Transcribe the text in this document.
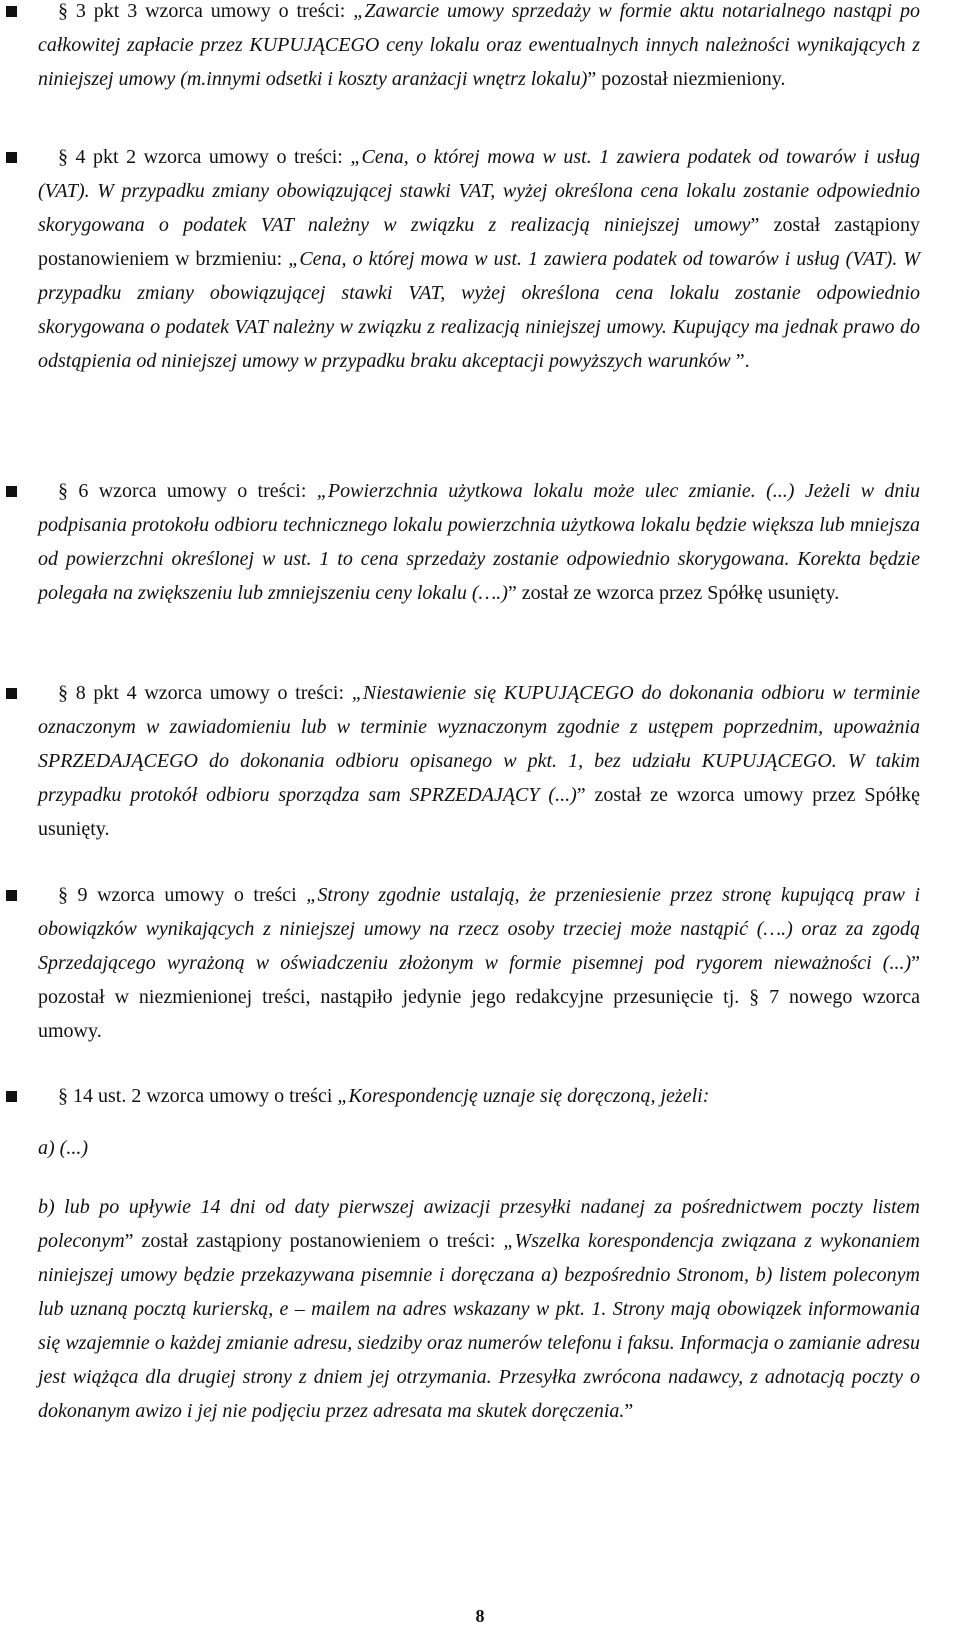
§ 3 pkt 3 wzorca umowy o treści: „Zawarcie umowy sprzedaży w formie aktu notarialnego nastąpi po całkowitej zapłacie przez KUPUJĄCEGO ceny lokalu oraz ewentualnych innych należności wynikających z niniejszej umowy (m.innymi odsetki i koszty aranżacji wnętrz lokalu)” pozostał niezmieniony.
§ 4 pkt 2 wzorca umowy o treści: „Cena, o której mowa w ust. 1 zawiera podatek od towarów i usług (VAT). W przypadku zmiany obowiązującej stawki VAT, wyżej określona cena lokalu zostanie odpowiednio skorygowana o podatek VAT należny w związku z realizacją niniejszej umowy” został zastąpiony postanowieniem w brzmieniu: „Cena, o której mowa w ust. 1 zawiera podatek od towarów i usług (VAT). W przypadku zmiany obowiązującej stawki VAT, wyżej określona cena lokalu zostanie odpowiednio skorygowana o podatek VAT należny w związku z realizacją niniejszej umowy. Kupujący ma jednak prawo do odstąpienia od niniejszej umowy w przypadku braku akceptacji powyższych warunków ”.
§ 6 wzorca umowy o treści: „Powierzchnia użytkowa lokalu może ulec zmianie. (...) Jeżeli w dniu podpisania protokołu odbioru technicznego lokalu powierzchnia użytkowa lokalu będzie większa lub mniejsza od powierzchni określonej w ust. 1 to cena sprzedaży zostanie odpowiednio skorygowana. Korekta będzie polegała na zwiększeniu lub zmniejszeniu ceny lokalu (….)” został ze wzorca przez Spółkę usunięty.
§ 8 pkt 4 wzorca umowy o treści: „Niestawienie się KUPUJĄCEGO do dokonania odbioru w terminie oznaczonym w zawiadomieniu lub w terminie wyznaczonym zgodnie z ustępem poprzednim, upoważnia SPRZEDAJĄCEGO do dokonania odbioru opisanego w pkt. 1, bez udziału KUPUJĄCEGO. W takim przypadku protokół odbioru sporządza sam SPRZEDAJĄCY (...)” został ze wzorca umowy przez Spółkę usunięty.
§ 9 wzorca umowy o treści „Strony zgodnie ustalają, że przeniesienie przez stronę kupującą praw i obowiązków wynikających z niniejszej umowy na rzecz osoby trzeciej może nastąpić (….) oraz za zgodą Sprzedającego wyrażoną w oświadczeniu złożonym w formie pisemnej pod rygorem nieważności (...)” pozostał w niezmienionej treści, nastąpiło jedynie jego redakcyjne przesunięcie tj. § 7 nowego wzorca umowy.
§ 14 ust. 2 wzorca umowy o treści „Korespondencję uznaje się doręczoną, jeżeli:
a) (...)
b) lub po upływie 14 dni od daty pierwszej awizacji przesyłki nadanej za pośrednictwem poczty listem poleconym” został zastąpiony postanowieniem o treści: „Wszelka korespondencja związana z wykonaniem niniejszej umowy będzie przekazywana pisemnie i doręczana a) bezpośrednio Stronom, b) listem poleconym lub uznaną pocztą kurierską, e – mailem na adres wskazany w pkt. 1. Strony mają obowiązek informowania się wzajemnie o każdej zmianie adresu, siedziby oraz numerów telefonu i faksu. Informacja o zamianie adresu jest wiążąca dla drugiej strony z dniem jej otrzymania. Przesyłka zwrócona nadawcy, z adnotacją poczty o dokonanym awizo i jej nie podjęciu przez adresata ma skutek doręczenia.”
8
